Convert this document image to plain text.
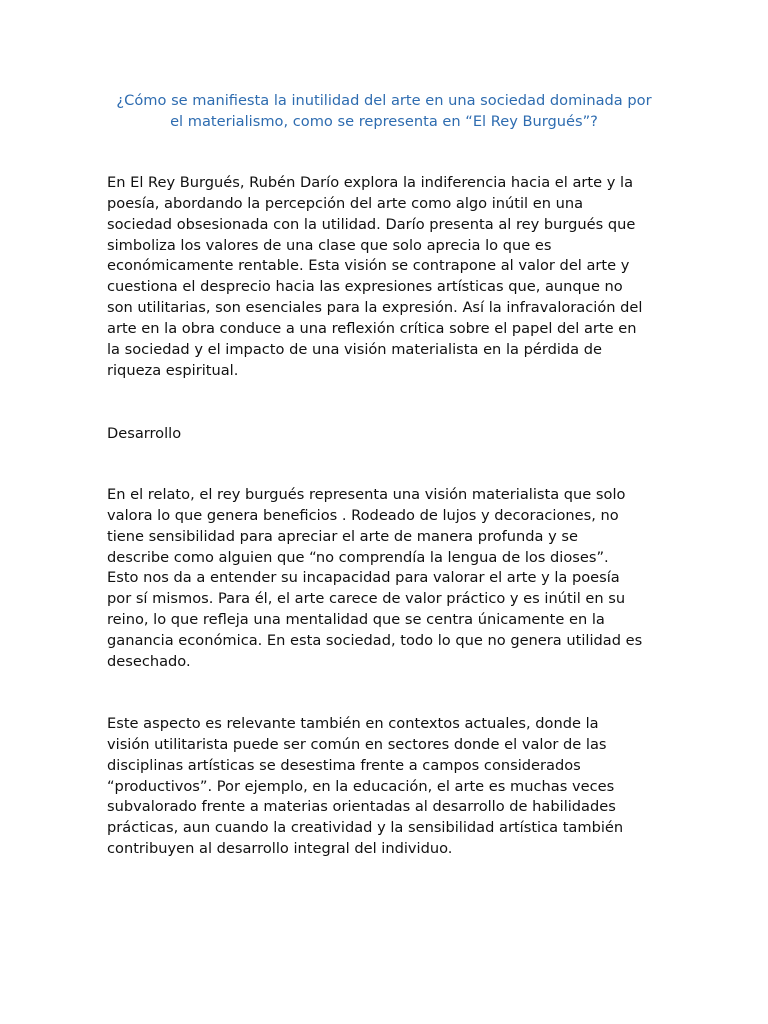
¿Cómo se manifiesta la inutilidad del arte en una sociedad dominada por
el materialismo, como se representa en “El Rey Burgués”?

En El Rey Burgués, Rubén Darío explora la indiferencia hacia el arte y la
poesía, abordando la percepción del arte como algo inútil en una
sociedad obsesionada con la utilidad. Darío presenta al rey burgués que
simboliza los valores de una clase que solo aprecia lo que es
económicamente rentable. Esta visión se contrapone al valor del arte y
cuestiona el desprecio hacia las expresiones artísticas que, aunque no
son utilitarias, son esenciales para la expresión. Así la infravaloración del
arte en la obra conduce a una reflexión crítica sobre el papel del arte en
la sociedad y el impacto de una visión materialista en la pérdida de
riqueza espiritual.

Desarrollo

En el relato, el rey burgués representa una visión materialista que solo
valora lo que genera beneficios . Rodeado de lujos y decoraciones, no
tiene sensibilidad para apreciar el arte de manera profunda y se
describe como alguien que “no comprendía la lengua de los dioses”.
Esto nos da a entender su incapacidad para valorar el arte y la poesía
por sí mismos. Para él, el arte carece de valor práctico y es inútil en su
reino, lo que refleja una mentalidad que se centra únicamente en la
ganancia económica. En esta sociedad, todo lo que no genera utilidad es
desechado.

Este aspecto es relevante también en contextos actuales, donde la
visión utilitarista puede ser común en sectores donde el valor de las
disciplinas artísticas se desestima frente a campos considerados
“productivos”. Por ejemplo, en la educación, el arte es muchas veces
subvalorado frente a materias orientadas al desarrollo de habilidades
prácticas, aun cuando la creatividad y la sensibilidad artística también
contribuyen al desarrollo integral del individuo.
